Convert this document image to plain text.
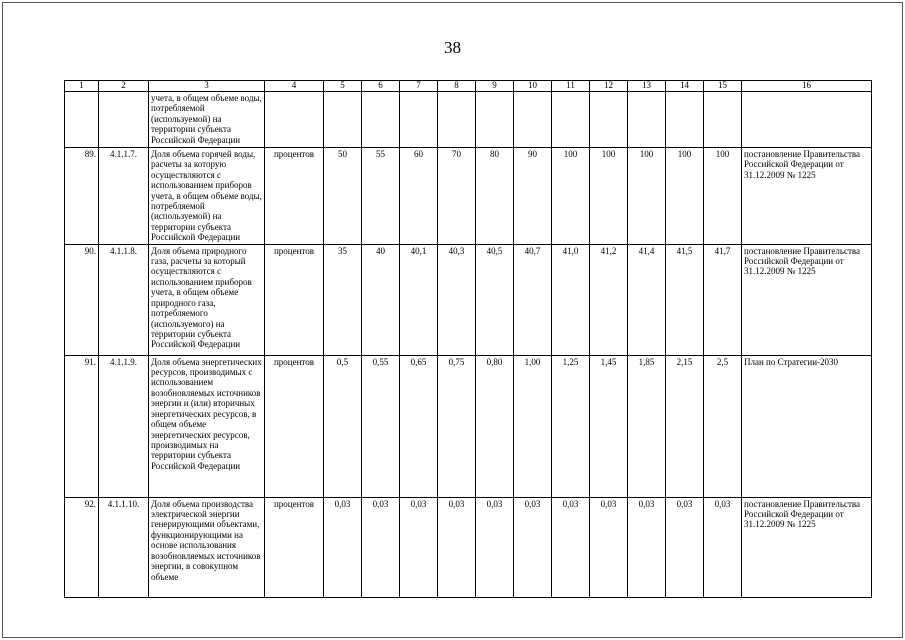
38
1	2	3	4	5	6	7	8	9	10	11	12	13	14	15	16
		учета, в общем объеме воды, потребляемой (используемой) на территории субъекта Российской Федерации													
89.	4.1.1.7.	Доля объема горячей воды, расчеты за которую осуществляются с использованием приборов учета, в общем объеме воды, потребляемой (используемой) на территории субъекта Российской Федерации	процентов	50	55	60	70	80	90	100	100	100	100	100	постановление Правительства Российской Федерации от 31.12.2009 № 1225
90.	4.1.1.8.	Доля объема природного газа, расчеты за который осуществляются с использованием приборов учета, в общем объеме природного газа, потребляемого (используемого) на территории субъекта Российской Федерации	процентов	35	40	40,1	40,3	40,5	40,7	41,0	41,2	41,4	41,5	41,7	постановление Правительства Российской Федерации от 31.12.2009 № 1225
91.	4.1.1.9.	Доля объема энергетических ресурсов, производимых с использованием возобновляемых источников энергии и (или) вторичных энергетических ресурсов, в общем объеме энергетических ресурсов, производимых на территории субъекта Российской Федерации	процентов	0,5	0,55	0,65	0,75	0,80	1,00	1,25	1,45	1,85	2,15	2,5	План по Стратегии-2030
92.	4.1.1.10.	Доля объема производства электрической энергии генерирующими объектами, функционирующими на основе использования возобновляемых источников энергии, в совокупном объеме	процентов	0,03	0,03	0,03	0,03	0,03	0,03	0,03	0,03	0,03	0,03	0,03	постановление Правительства Российской Федерации от 31.12.2009 № 1225
